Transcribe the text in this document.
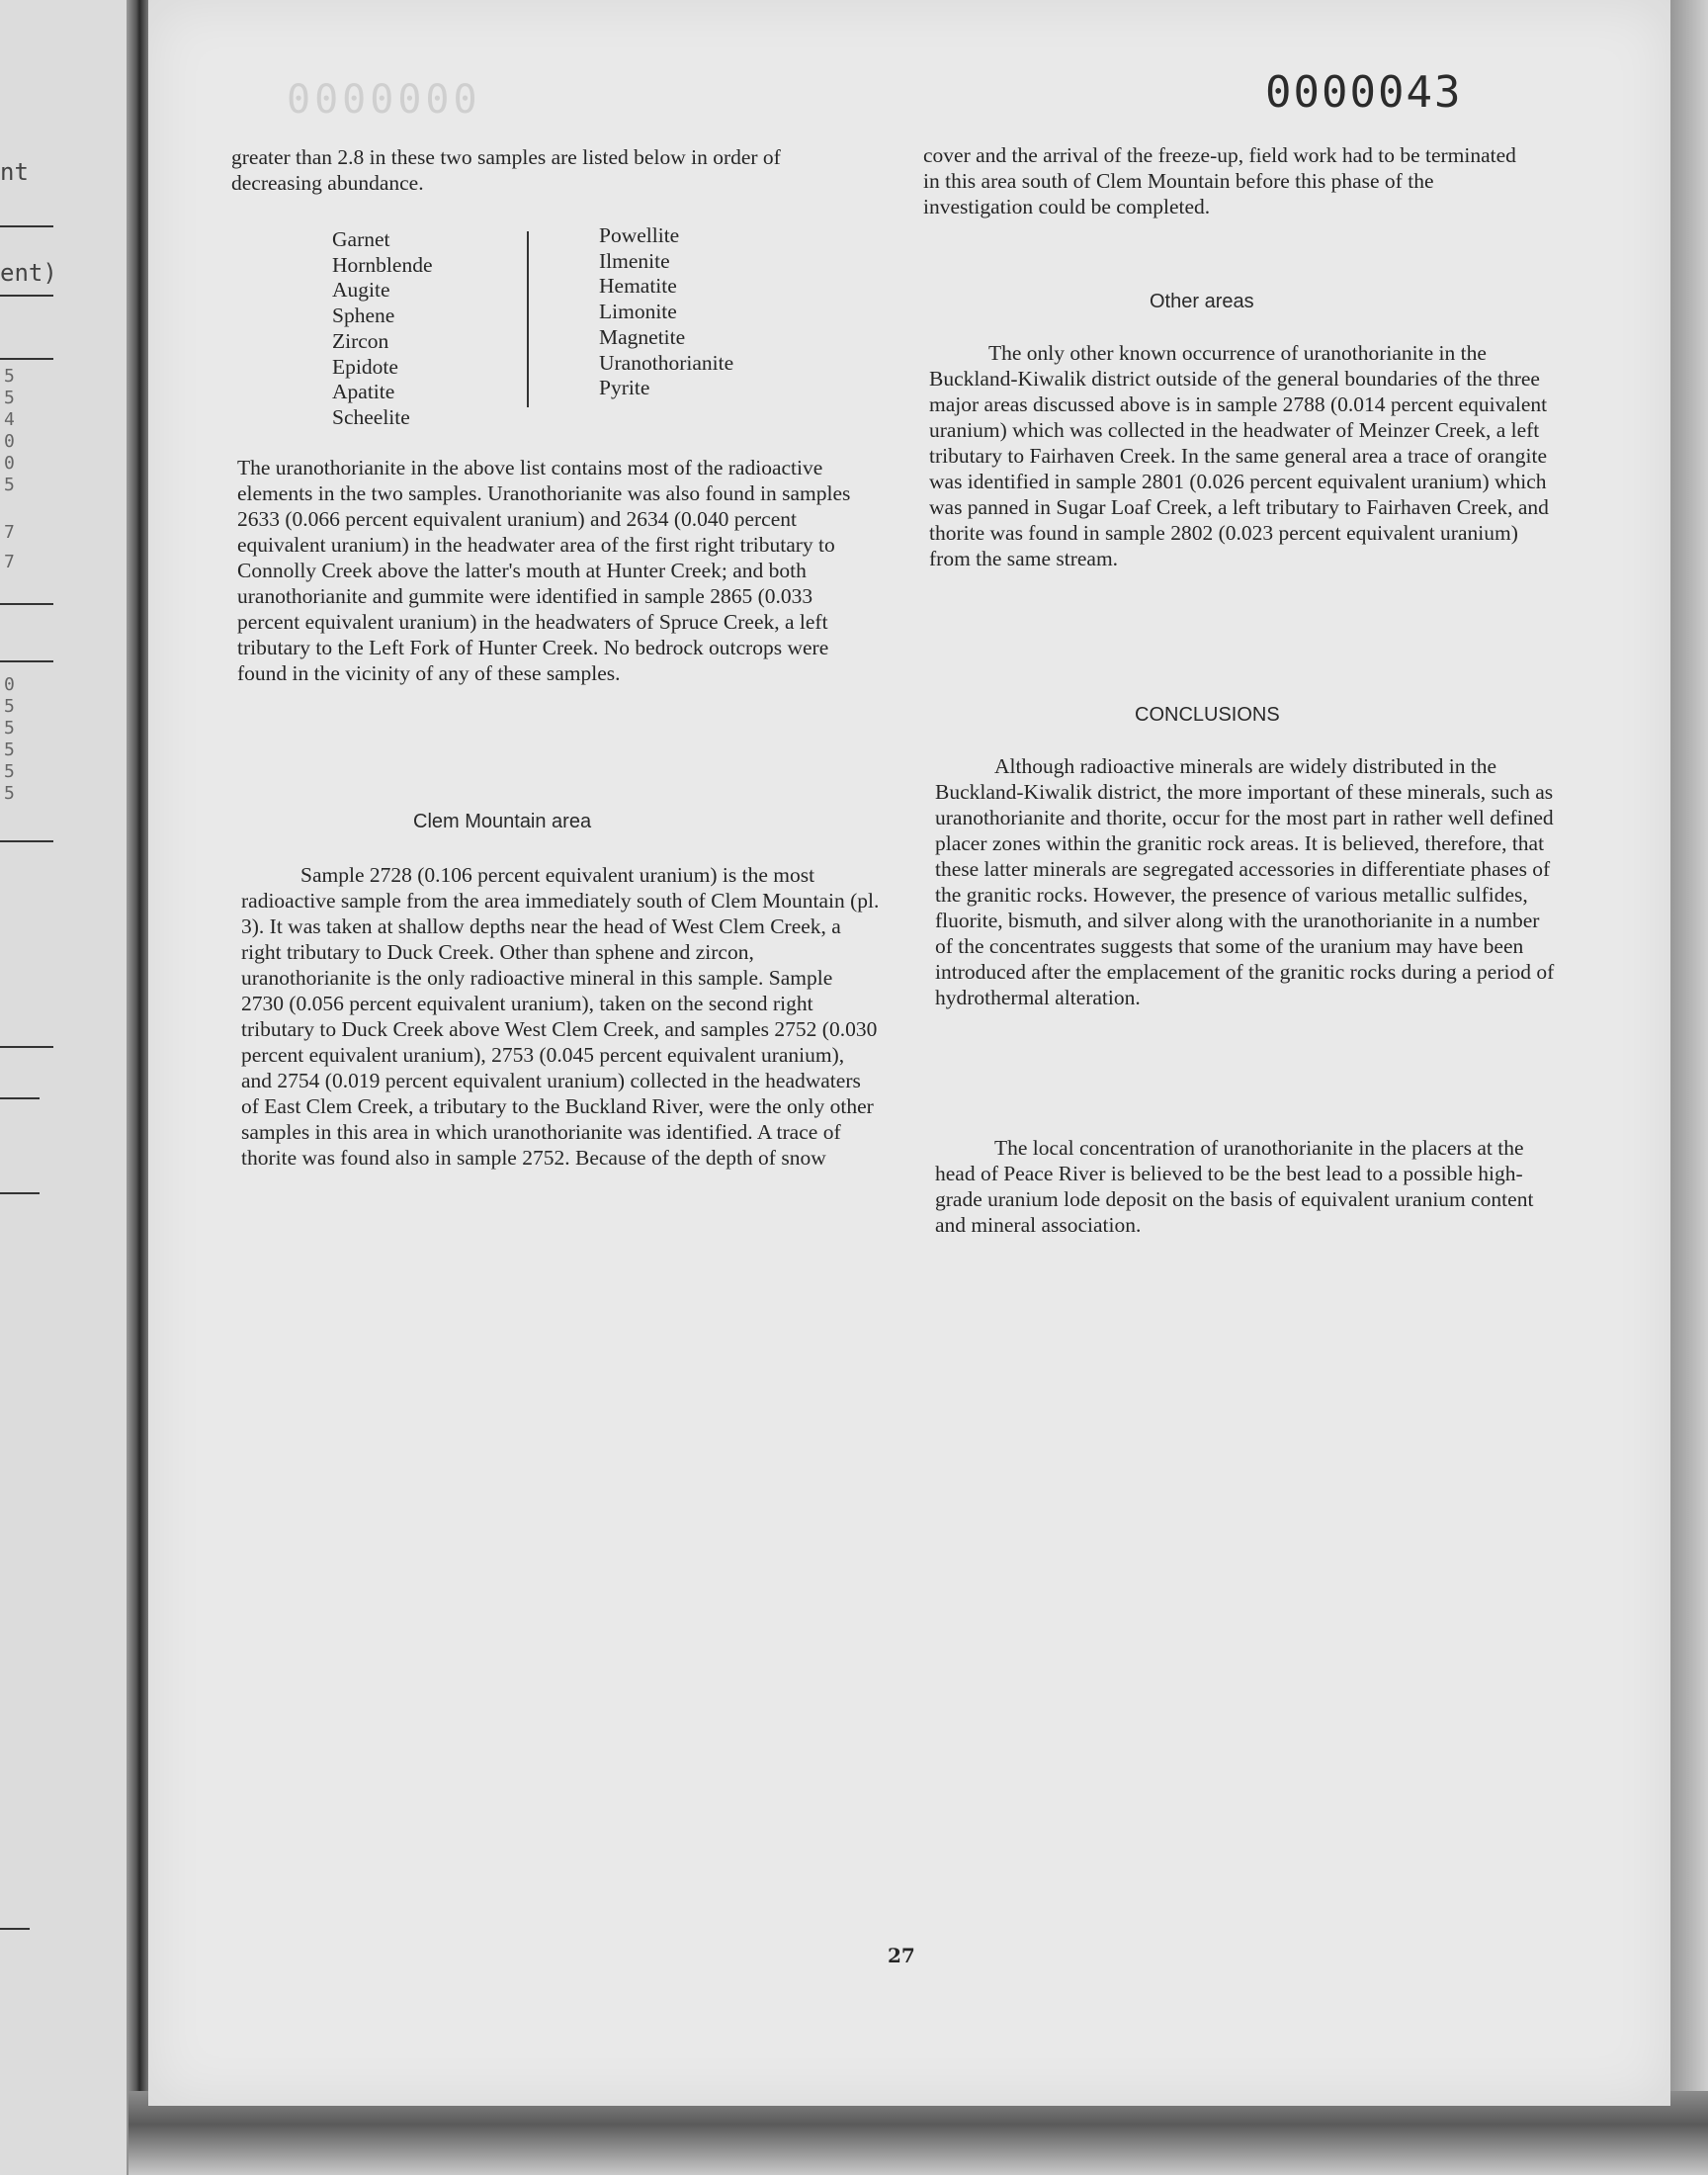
nt
ent)
5
5
4
0
0
5
7
7
0
5
5
5
5
5
0000000	0000043

greater than 2.8 in these two samples are listed below in order of decreasing abundance.

Garnet
Hornblende
Augite
Sphene
Zircon
Epidote
Apatite
Scheelite
Powellite
Ilmenite
Hematite
Limonite
Magnetite
Uranothorianite
Pyrite

The uranothorianite in the above list contains most of the radioactive elements in the two samples. Uranothorianite was also found in samples 2633 (0.066 percent equivalent uranium) and 2634 (0.040 percent equivalent uranium) in the headwater area of the first right tributary to Connolly Creek above the latter's mouth at Hunter Creek; and both uranothorianite and gummite were identified in sample 2865 (0.033 percent equivalent uranium) in the headwaters of Spruce Creek, a left tributary to the Left Fork of Hunter Creek. No bedrock outcrops were found in the vicinity of any of these samples.

Clem Mountain area

Sample 2728 (0.106 percent equivalent uranium) is the most radioactive sample from the area immediately south of Clem Mountain (pl. 3). It was taken at shallow depths near the head of West Clem Creek, a right tributary to Duck Creek. Other than sphene and zircon, uranothorianite is the only radioactive mineral in this sample. Sample 2730 (0.056 percent equivalent uranium), taken on the second right tributary to Duck Creek above West Clem Creek, and samples 2752 (0.030 percent equivalent uranium), 2753 (0.045 percent equivalent uranium), and 2754 (0.019 percent equivalent uranium) collected in the headwaters of East Clem Creek, a tributary to the Buckland River, were the only other samples in this area in which uranothorianite was identified. A trace of thorite was found also in sample 2752. Because of the depth of snow

cover and the arrival of the freeze-up, field work had to be terminated in this area south of Clem Mountain before this phase of the investigation could be completed.

Other areas

The only other known occurrence of uranothorianite in the Buckland-Kiwalik district outside of the general boundaries of the three major areas discussed above is in sample 2788 (0.014 percent equivalent uranium) which was collected in the headwater of Meinzer Creek, a left tributary to Fairhaven Creek. In the same general area a trace of orangite was identified in sample 2801 (0.026 percent equivalent uranium) which was panned in Sugar Loaf Creek, a left tributary to Fairhaven Creek, and thorite was found in sample 2802 (0.023 percent equivalent uranium) from the same stream.

CONCLUSIONS

Although radioactive minerals are widely distributed in the Buckland-Kiwalik district, the more important of these minerals, such as uranothorianite and thorite, occur for the most part in rather well defined placer zones within the granitic rock areas. It is believed, therefore, that these latter minerals are segregated accessories in differentiate phases of the granitic rocks. However, the presence of various metallic sulfides, fluorite, bismuth, and silver along with the uranothorianite in a number of the concentrates suggests that some of the uranium may have been introduced after the emplacement of the granitic rocks during a period of hydrothermal alteration.

The local concentration of uranothorianite in the placers at the head of Peace River is believed to be the best lead to a possible high-grade uranium lode deposit on the basis of equivalent uranium content and mineral association.

27
